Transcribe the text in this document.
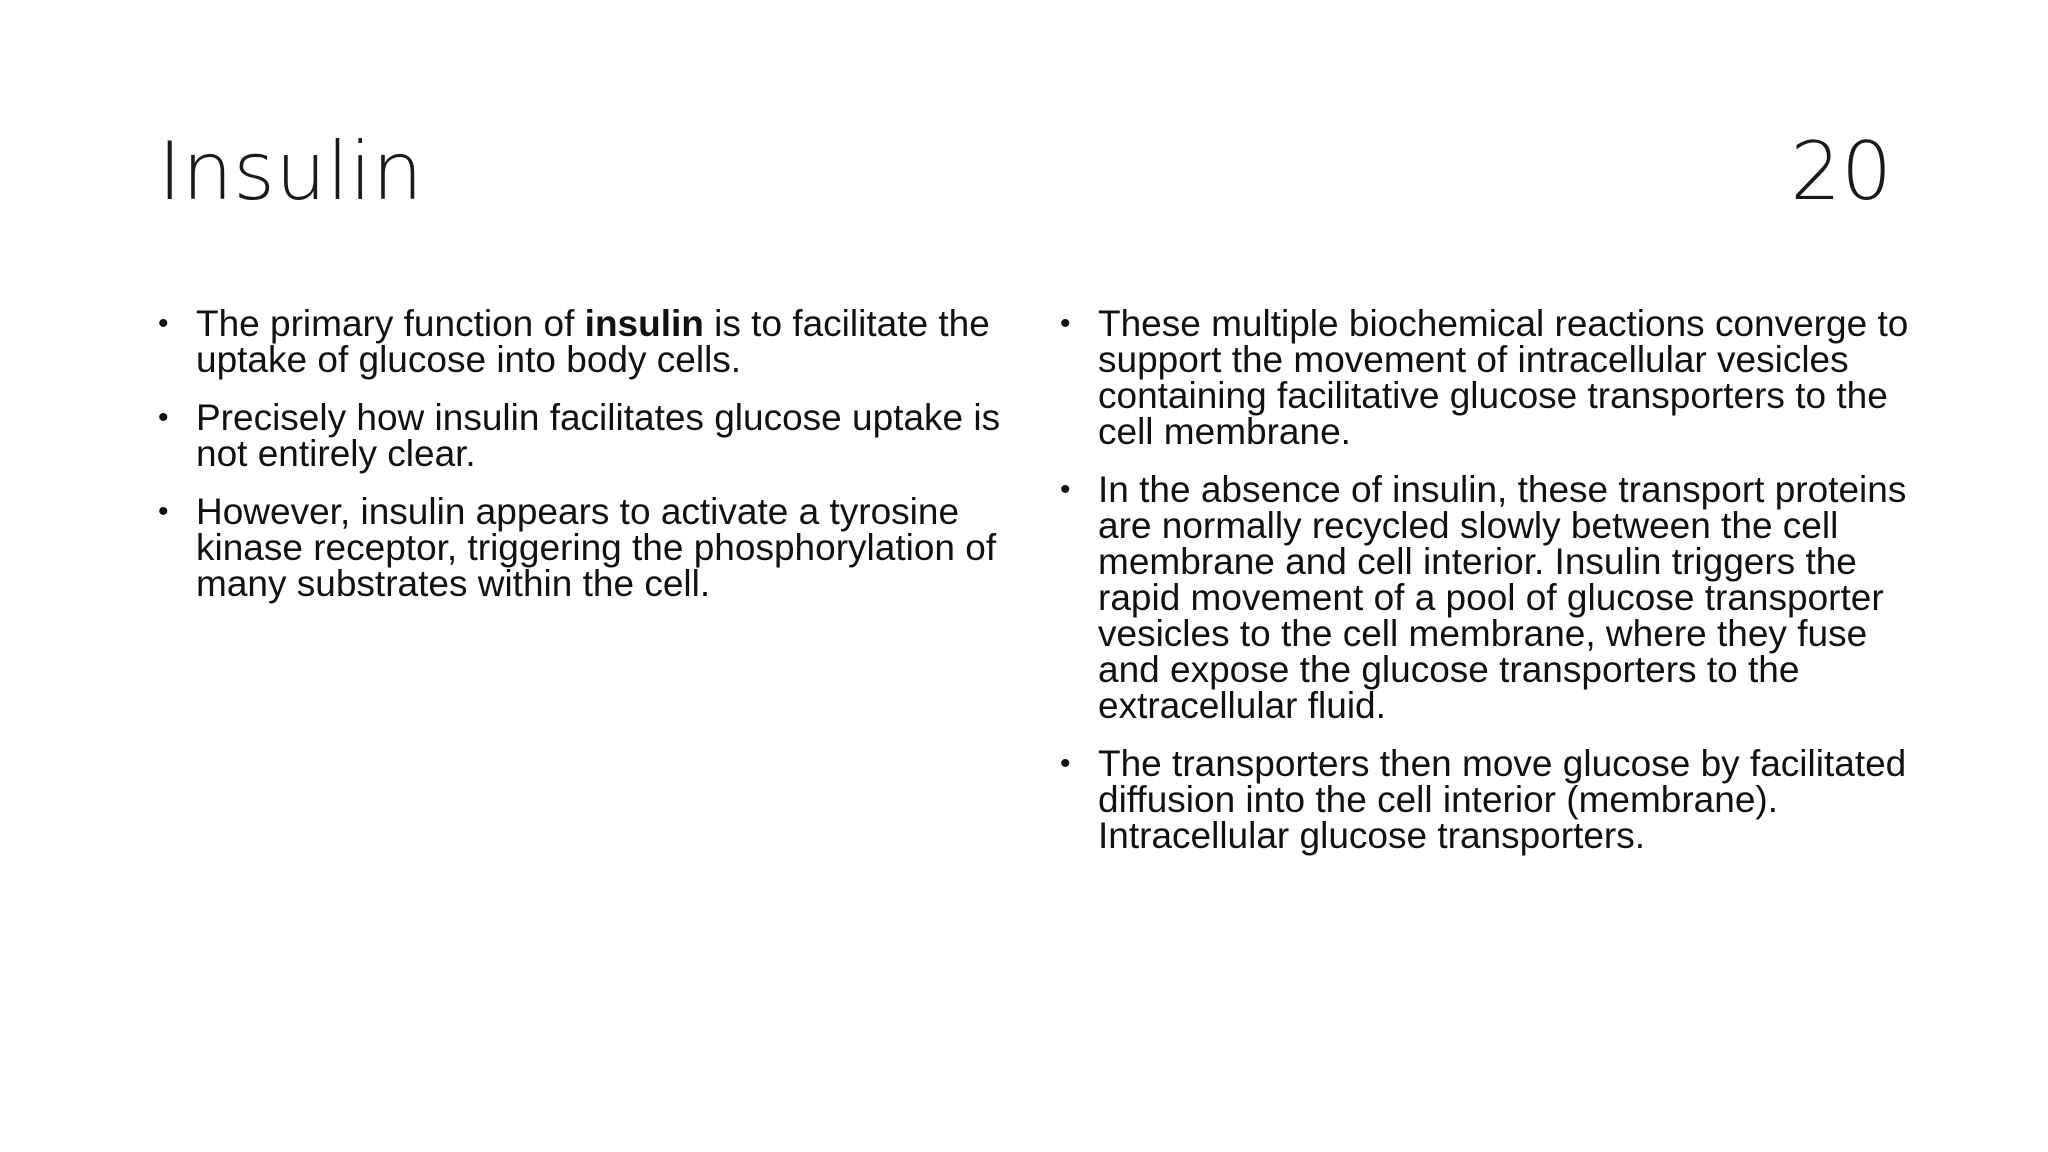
Insulin	20
• The primary function of insulin is to facilitate the uptake of glucose into body cells.
• Precisely how insulin facilitates glucose uptake is not entirely clear.
• However, insulin appears to activate a tyrosine kinase receptor, triggering the phosphorylation of many substrates within the cell.
• These multiple biochemical reactions converge to support the movement of intracellular vesicles containing facilitative glucose transporters to the cell membrane.
• In the absence of insulin, these transport proteins are normally recycled slowly between the cell membrane and cell interior. Insulin triggers the rapid movement of a pool of glucose transporter vesicles to the cell membrane, where they fuse and expose the glucose transporters to the extracellular fluid.
• The transporters then move glucose by facilitated diffusion into the cell interior (membrane). Intracellular glucose transporters.
